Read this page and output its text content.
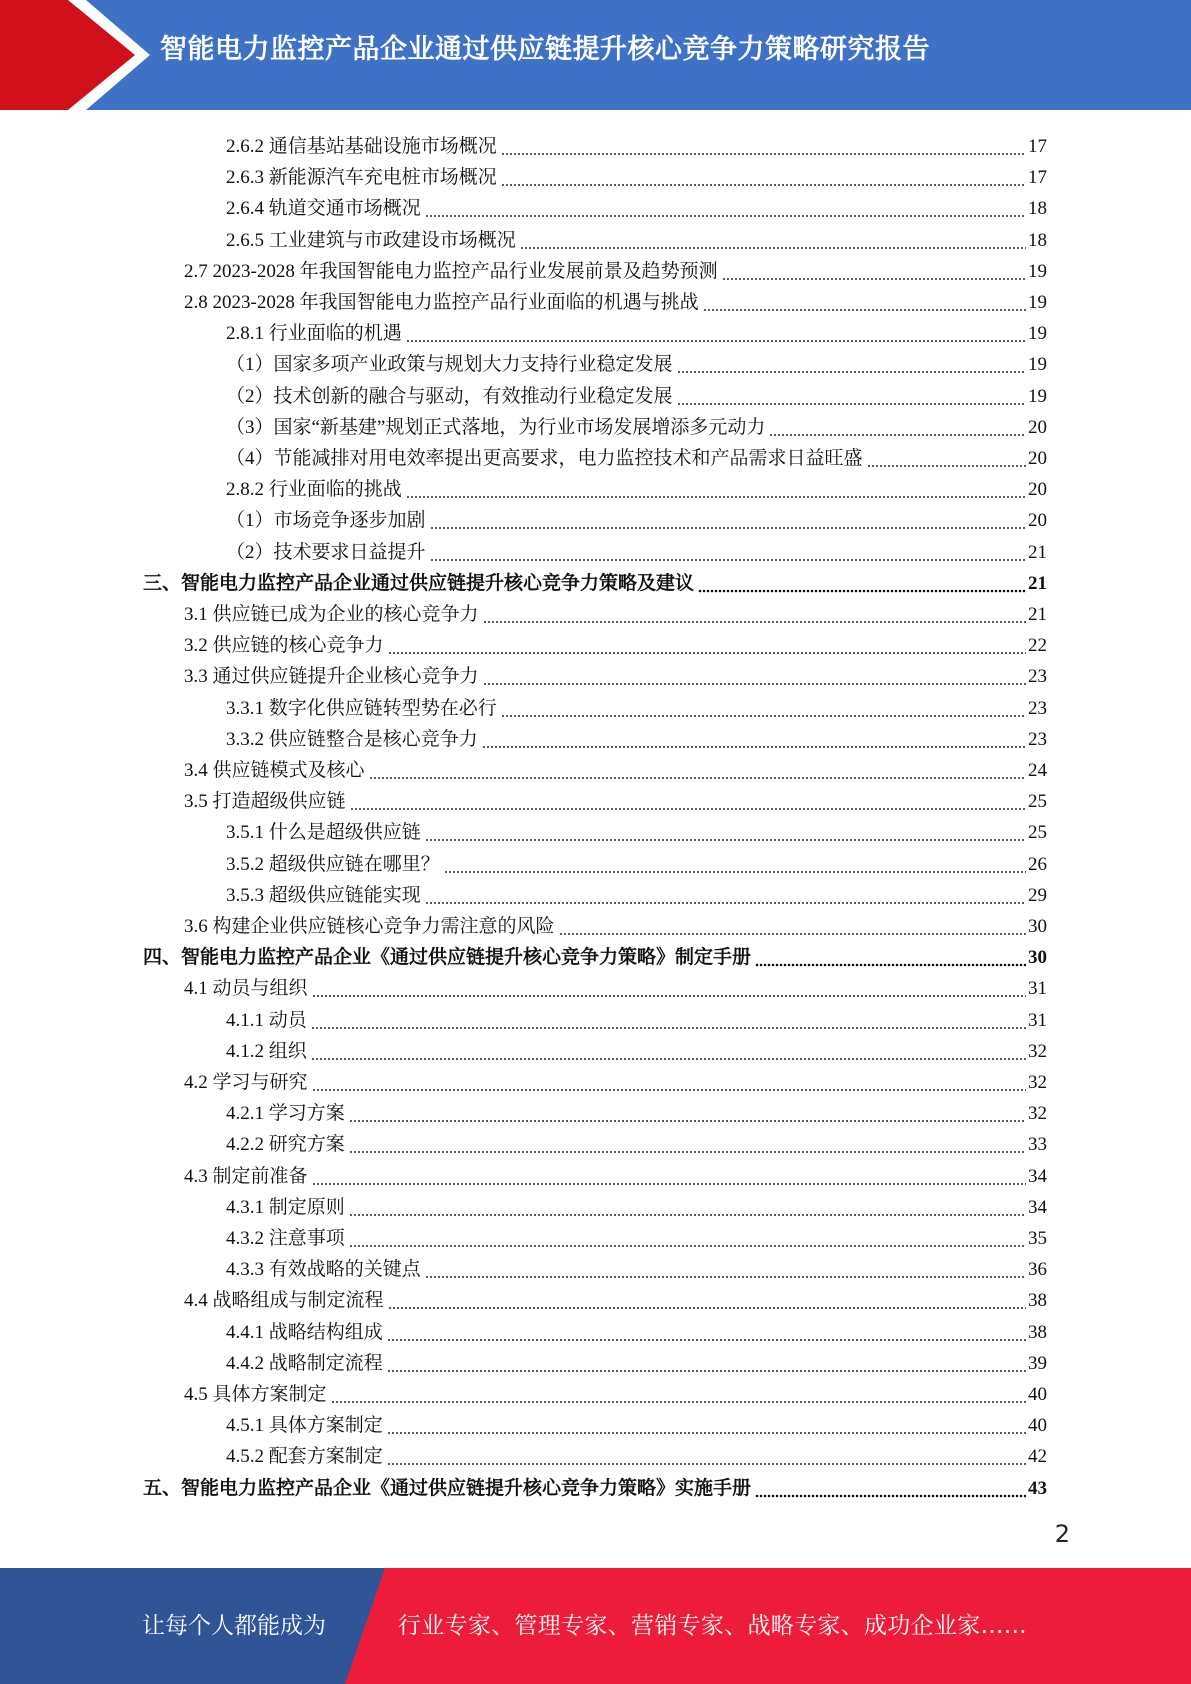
智能电力监控产品企业通过供应链提升核心竞争力策略研究报告
2.6.2 通信基站基础设施市场概况	17
2.6.3 新能源汽车充电桩市场概况	17
2.6.4 轨道交通市场概况	18
2.6.5 工业建筑与市政建设市场概况	18
2.7 2023-2028 年我国智能电力监控产品行业发展前景及趋势预测	19
2.8 2023-2028 年我国智能电力监控产品行业面临的机遇与挑战	19
2.8.1 行业面临的机遇	19
（1）国家多项产业政策与规划大力支持行业稳定发展	19
（2）技术创新的融合与驱动，有效推动行业稳定发展	19
（3）国家“新基建”规划正式落地，为行业市场发展增添多元动力	20
（4）节能减排对用电效率提出更高要求，电力监控技术和产品需求日益旺盛	20
2.8.2 行业面临的挑战	20
（1）市场竞争逐步加剧	20
（2）技术要求日益提升	21
三、智能电力监控产品企业通过供应链提升核心竞争力策略及建议	21
3.1 供应链已成为企业的核心竞争力	21
3.2 供应链的核心竞争力	22
3.3 通过供应链提升企业核心竞争力	23
3.3.1 数字化供应链转型势在必行	23
3.3.2 供应链整合是核心竞争力	23
3.4 供应链模式及核心	24
3.5 打造超级供应链	25
3.5.1 什么是超级供应链	25
3.5.2 超级供应链在哪里？	26
3.5.3 超级供应链能实现	29
3.6 构建企业供应链核心竞争力需注意的风险	30
四、智能电力监控产品企业《通过供应链提升核心竞争力策略》制定手册	30
4.1 动员与组织	31
4.1.1 动员	31
4.1.2 组织	32
4.2 学习与研究	32
4.2.1 学习方案	32
4.2.2 研究方案	33
4.3 制定前准备	34
4.3.1 制定原则	34
4.3.2 注意事项	35
4.3.3 有效战略的关键点	36
4.4 战略组成与制定流程	38
4.4.1 战略结构组成	38
4.4.2 战略制定流程	39
4.5 具体方案制定	40
4.5.1 具体方案制定	40
4.5.2 配套方案制定	42
五、智能电力监控产品企业《通过供应链提升核心竞争力策略》实施手册	43
2
让每个人都能成为	行业专家、管理专家、营销专家、战略专家、成功企业家……
